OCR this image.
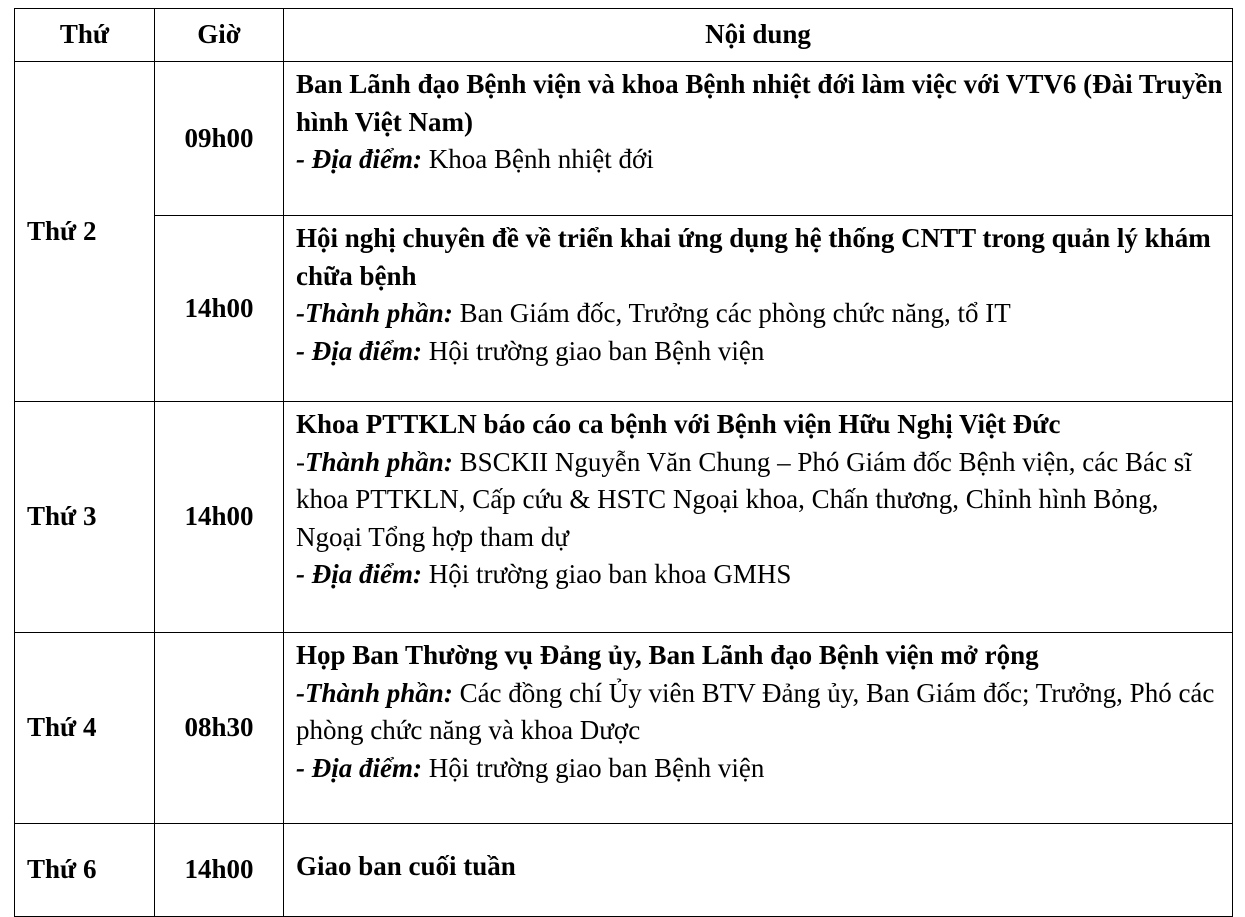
Thứ	Giờ	Nội dung
Thứ 2	09h00	Ban Lãnh đạo Bệnh viện và khoa Bệnh nhiệt đới làm việc với VTV6 (Đài Truyền hình Việt Nam)
- Địa điểm: Khoa Bệnh nhiệt đới

	14h00	Hội nghị chuyên đề về triển khai ứng dụng hệ thống CNTT trong quản lý khám chữa bệnh
-Thành phần: Ban Giám đốc, Trưởng các phòng chức năng, tổ IT
- Địa điểm: Hội trường giao ban Bệnh viện

Thứ 3	14h00	Khoa PTTKLN báo cáo ca bệnh với Bệnh viện Hữu Nghị Việt Đức
-Thành phần: BSCKII Nguyễn Văn Chung – Phó Giám đốc Bệnh viện, các Bác sĩ khoa PTTKLN, Cấp cứu & HSTC Ngoại khoa, Chấn thương, Chỉnh hình Bỏng, Ngoại Tổng hợp tham dự
- Địa điểm: Hội trường giao ban khoa GMHS

Thứ 4	08h30	Họp Ban Thường vụ Đảng ủy, Ban Lãnh đạo Bệnh viện mở rộng
-Thành phần: Các đồng chí Ủy viên BTV Đảng ủy, Ban Giám đốc; Trưởng, Phó các phòng chức năng và khoa Dược
- Địa điểm: Hội trường giao ban Bệnh viện

Thứ 6	14h00	Giao ban cuối tuần
